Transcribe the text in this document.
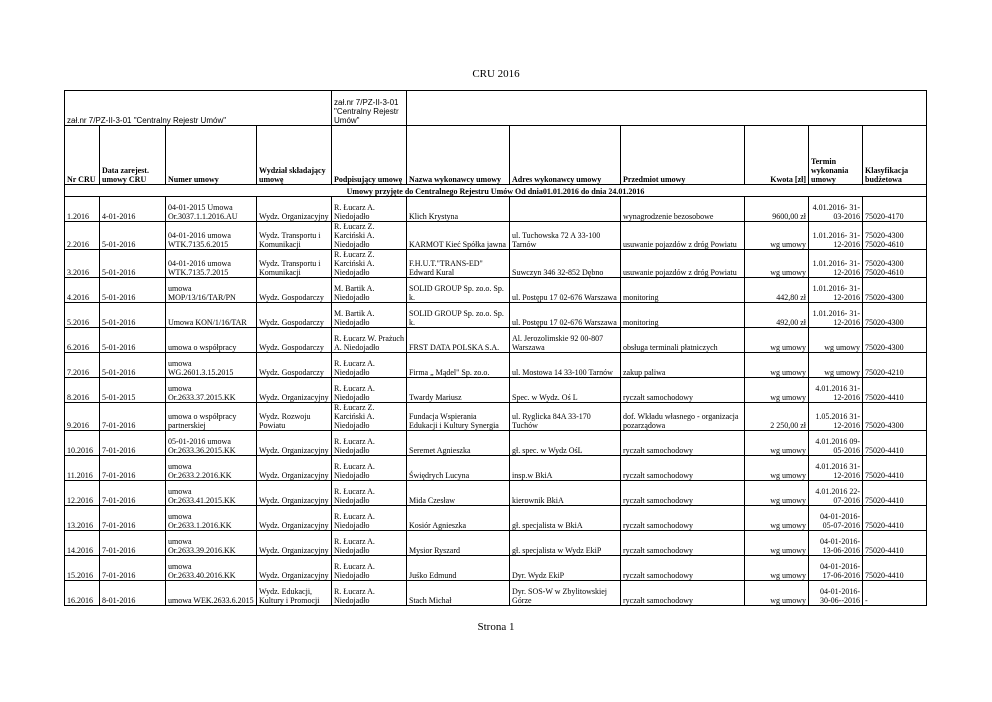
CRU 2016
zał.nr 7/PZ-II-3-01 "Centralny Rejestr Umów"				zał.nr 7/PZ-II-3-01 "Centralny Rejestr Umów"						
Nr CRU	Data zarejest. umowy CRU	Numer umowy	Wydział składający umowę	Podpisujący umowę	Nazwa wykonawcy umowy	Adres wykonawcy umowy	Przedmiot umowy	Kwota [zł]	Termin wykonania umowy	Klasyfikacja budżetowa
Umowy przyjęte do Centralnego Rejestru Umów Od dnia01.01.2016 do dnia 24.01.2016										
1.2016	4-01-2016	04-01-2015 Umowa Or.3037.1.1.2016.AU	Wydz. Organizacyjny	R. Łucarz A. Niedojadło	Klich Krystyna		wynagrodzenie bezosobowe	9600,00 zł	4.01.2016- 31-03-2016	75020-4170
2.2016	5-01-2016	04-01-2016 umowa WTK.7135.6.2015	Wydz. Transportu i Komunikacji	R. Łucarz Z. Karciński A. Niedojadło	KARMOT Kieć Spółka jawna	ul. Tuchowska 72 A 33-100 Tarnów	usuwanie pojazdów z dróg Powiatu	wg umowy	1.01.2016- 31-12-2016	75020-4300 75020-4610
3.2016	5-01-2016	04-01-2016 umowa WTK.7135.7.2015	Wydz. Transportu i Komunikacji	R. Łucarz Z. Karciński A. Niedojadło	F.H.U.T."TRANS-ED" Edward Kural	Suwczyn 346 32-852 Dębno	usuwanie pojazdów z dróg Powiatu	wg umowy	1.01.2016- 31-12-2016	75020-4300 75020-4610
4.2016	5-01-2016	umowa MOP/13/16/TAR/PN	Wydz. Gospodarczy	M. Bartik A. Niedojadło	SOLID GROUP Sp. zo.o. Sp. k.	ul. Postępu 17 02-676 Warszawa	monitoring	442,80 zł	1.01.2016- 31-12-2016	75020-4300
5.2016	5-01-2016	Umowa KON/1/16/TAR	Wydz. Gospodarczy	M. Bartik A. Niedojadło	SOLID GROUP Sp. zo.o. Sp. k.	ul. Postępu 17 02-676 Warszawa	monitoring	492,00 zł	1.01.2016- 31-12-2016	75020-4300
6.2016	5-01-2016	umowa o współpracy	Wydz. Gospodarczy	R. Łucarz W. Prażuch A. Niedojadło	FRST DATA POLSKA S.A.	Al. Jerozolimskie 92 00-807 Warszawa	obsługa terminali płatniczych	wg umowy	wg umowy	75020-4300
7.2016	5-01-2016	umowa WG.2601.3.15.2015	Wydz. Gospodarczy	R. Łucarz A. Niedojadło	Firma „ Mądel" Sp. zo.o.	ul. Mostowa 14 33-100 Tarnów	zakup paliwa	wg umowy	wg umowy	75020-4210
8.2016	5-01-2015	umowa Or.2633.37.2015.KK	Wydz. Organizacyjny	R. Łucarz A. Niedojadło	Twardy Mariusz	Spec. w Wydz. Oś L	ryczałt samochodowy	wg umowy	4.01.2016 31-12-2016	75020-4410
9.2016	7-01-2016	umowa o współpracy partnerskiej	Wydz. Rozwoju Powiatu	R. Łucarz Z. Karciński A. Niedojadło	Fundacja Wspierania Edukacji i Kultury Synergia	ul. Ryglicka 84A 33-170 Tuchów	dof. Wkładu własnego - organizacja pozarządowa	2 250,00 zł	1.05.2016 31-12-2016	75020-4300
10.2016	7-01-2016	05-01-2016 umowa Or.2633.36.2015.KK	Wydz. Organizacyjny	R. Łucarz A. Niedojadło	Seremet Agnieszka	gł. spec. w Wydz OśL	ryczałt samochodowy	wg umowy	4.01.2016 09-05-2016	75020-4410
11.2016	7-01-2016	umowa Or.2633.2.2016.KK	Wydz. Organizacyjny	R. Łucarz A. Niedojadło	Świędrych Lucyna	insp.w BkiA	ryczałt samochodowy	wg umowy	4.01.2016 31-12-2016	75020-4410
12.2016	7-01-2016	umowa Or.2633.41.2015.KK	Wydz. Organizacyjny	R. Łucarz A. Niedojadło	Mida Czesław	kierownik BkiA	ryczałt samochodowy	wg umowy	4.01.2016 22-07-2016	75020-4410
13.2016	7-01-2016	umowa Or.2633.1.2016.KK	Wydz. Organizacyjny	R. Łucarz A. Niedojadło	Kosiór Agnieszka	gł. specjalista w BkiA	ryczałt samochodowy	wg umowy	04-01-2016- 05-07-2016	75020-4410
14.2016	7-01-2016	umowa Or.2633.39.2016.KK	Wydz. Organizacyjny	R. Łucarz A. Niedojadło	Mysior Ryszard	gł. specjalista w Wydz EkiP	ryczałt samochodowy	wg umowy	04-01-2016- 13-06-2016	75020-4410
15.2016	7-01-2016	umowa Or.2633.40.2016.KK	Wydz. Organizacyjny	R. Łucarz A. Niedojadło	Juśko Edmund	Dyr. Wydz EkiP	ryczałt samochodowy	wg umowy	04-01-2016- 17-06-2016	75020-4410
16.2016	8-01-2016	umowa WEK.2633.6.2015	Wydz. Edukacji, Kultury i Promocji	R. Łucarz A. Niedojadło	Stach Michał	Dyr. SOS-W w Zbylitowskiej Górze	ryczałt samochodowy	wg umowy	04-01-2016- 30-06--2016	-
Strona 1
